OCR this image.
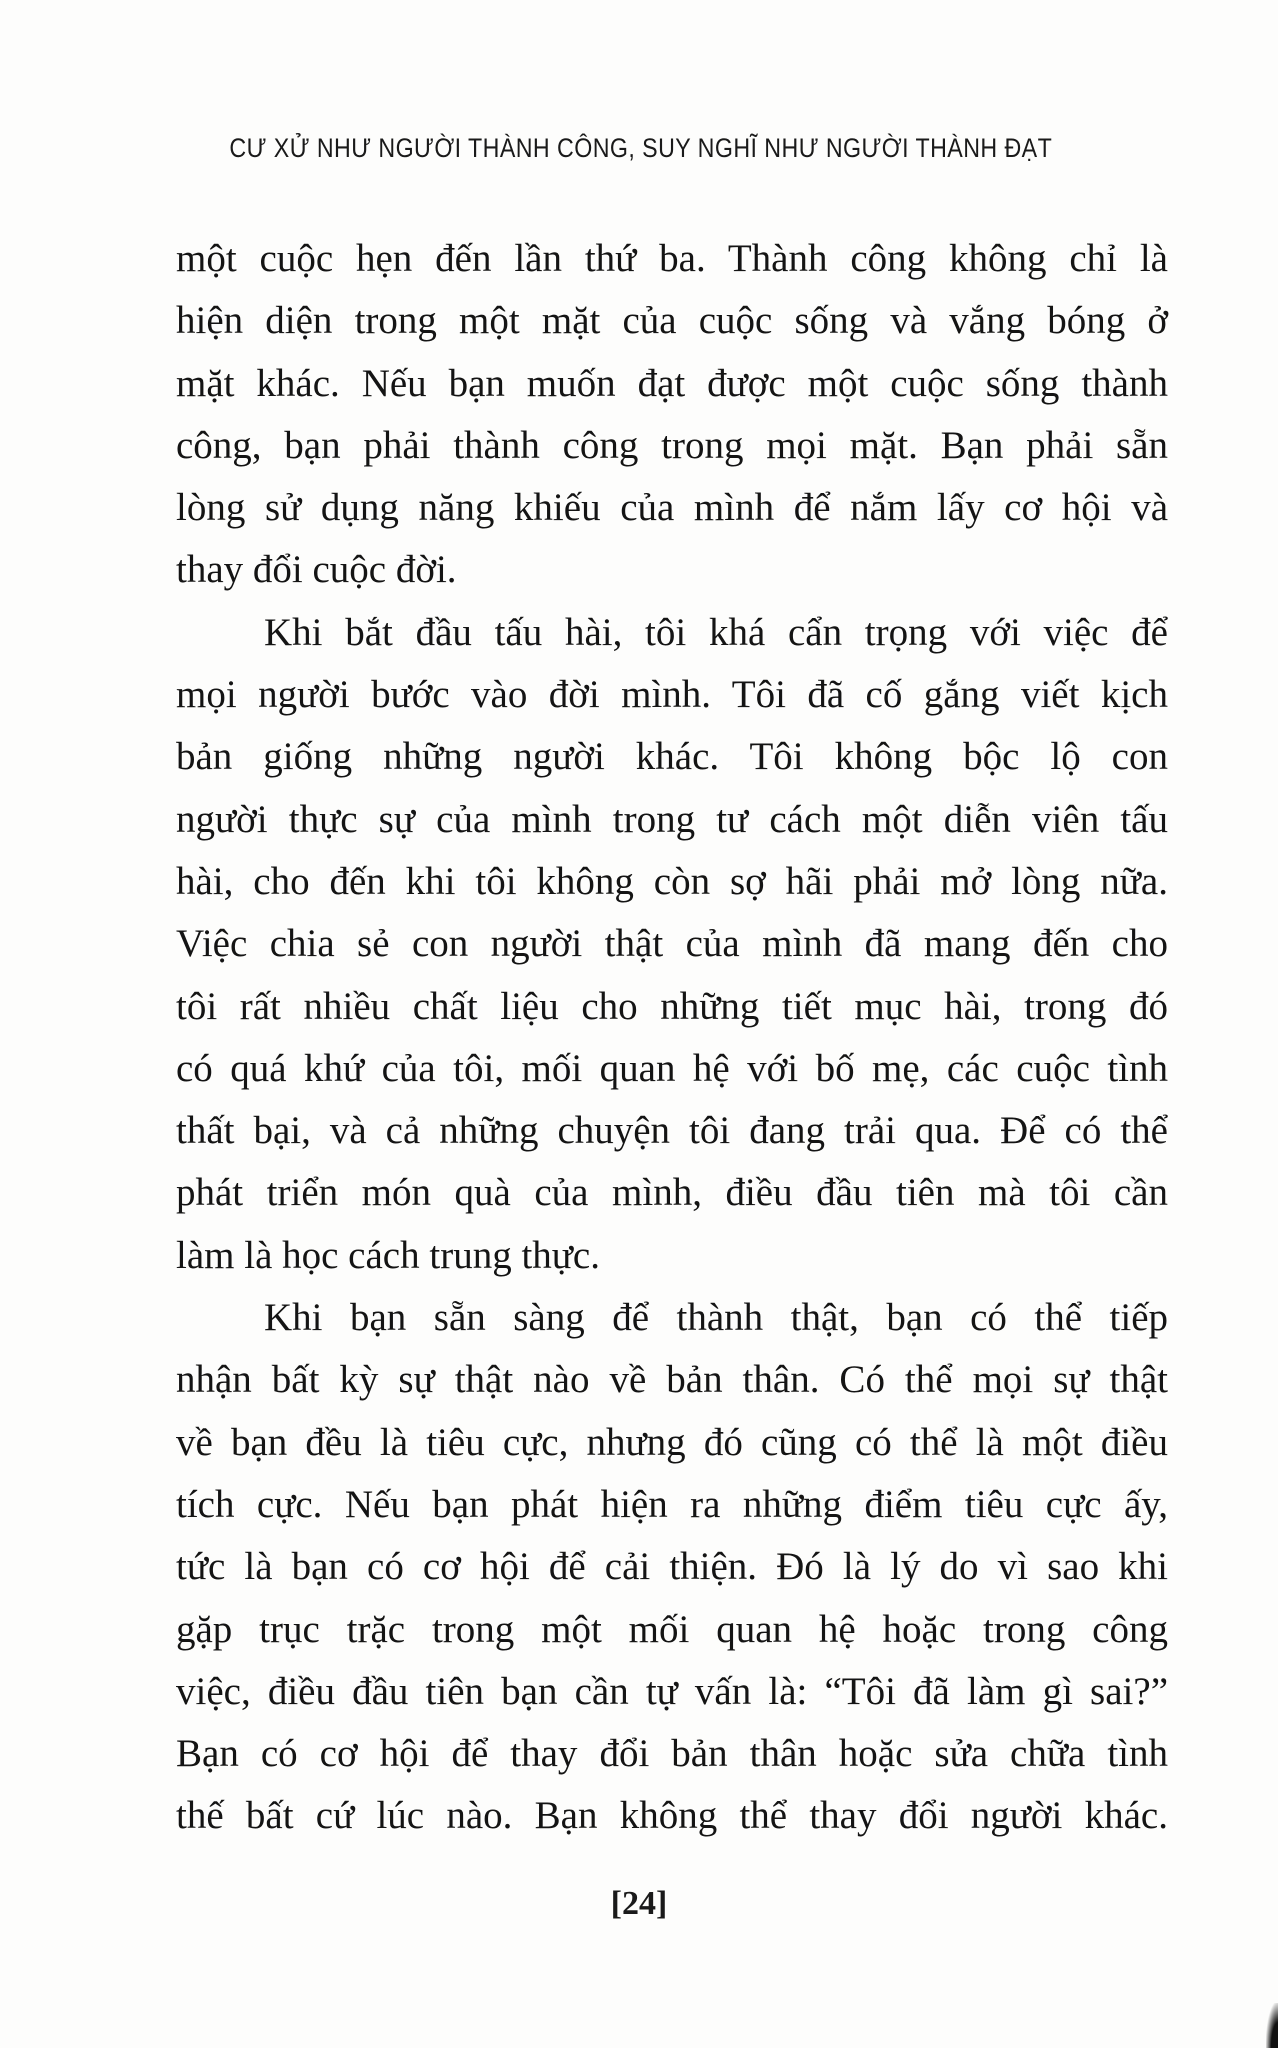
CƯ XỬ NHƯ NGƯỜI THÀNH CÔNG, SUY NGHĨ NHƯ NGƯỜI THÀNH ĐẠT
một cuộc hẹn đến lần thứ ba. Thành công không chỉ là
hiện diện trong một mặt của cuộc sống và vắng bóng ở
mặt khác. Nếu bạn muốn đạt được một cuộc sống thành
công, bạn phải thành công trong mọi mặt. Bạn phải sẵn
lòng sử dụng năng khiếu của mình để nắm lấy cơ hội và
thay đổi cuộc đời.
Khi bắt đầu tấu hài, tôi khá cẩn trọng với việc để
mọi người bước vào đời mình. Tôi đã cố gắng viết kịch
bản giống những người khác. Tôi không bộc lộ con
người thực sự của mình trong tư cách một diễn viên tấu
hài, cho đến khi tôi không còn sợ hãi phải mở lòng nữa.
Việc chia sẻ con người thật của mình đã mang đến cho
tôi rất nhiều chất liệu cho những tiết mục hài, trong đó
có quá khứ của tôi, mối quan hệ với bố mẹ, các cuộc tình
thất bại, và cả những chuyện tôi đang trải qua. Để có thể
phát triển món quà của mình, điều đầu tiên mà tôi cần
làm là học cách trung thực.
Khi bạn sẵn sàng để thành thật, bạn có thể tiếp
nhận bất kỳ sự thật nào về bản thân. Có thể mọi sự thật
về bạn đều là tiêu cực, nhưng đó cũng có thể là một điều
tích cực. Nếu bạn phát hiện ra những điểm tiêu cực ấy,
tức là bạn có cơ hội để cải thiện. Đó là lý do vì sao khi
gặp trục trặc trong một mối quan hệ hoặc trong công
việc, điều đầu tiên bạn cần tự vấn là: “Tôi đã làm gì sai?”
Bạn có cơ hội để thay đổi bản thân hoặc sửa chữa tình
thế bất cứ lúc nào. Bạn không thể thay đổi người khác.
[24]
